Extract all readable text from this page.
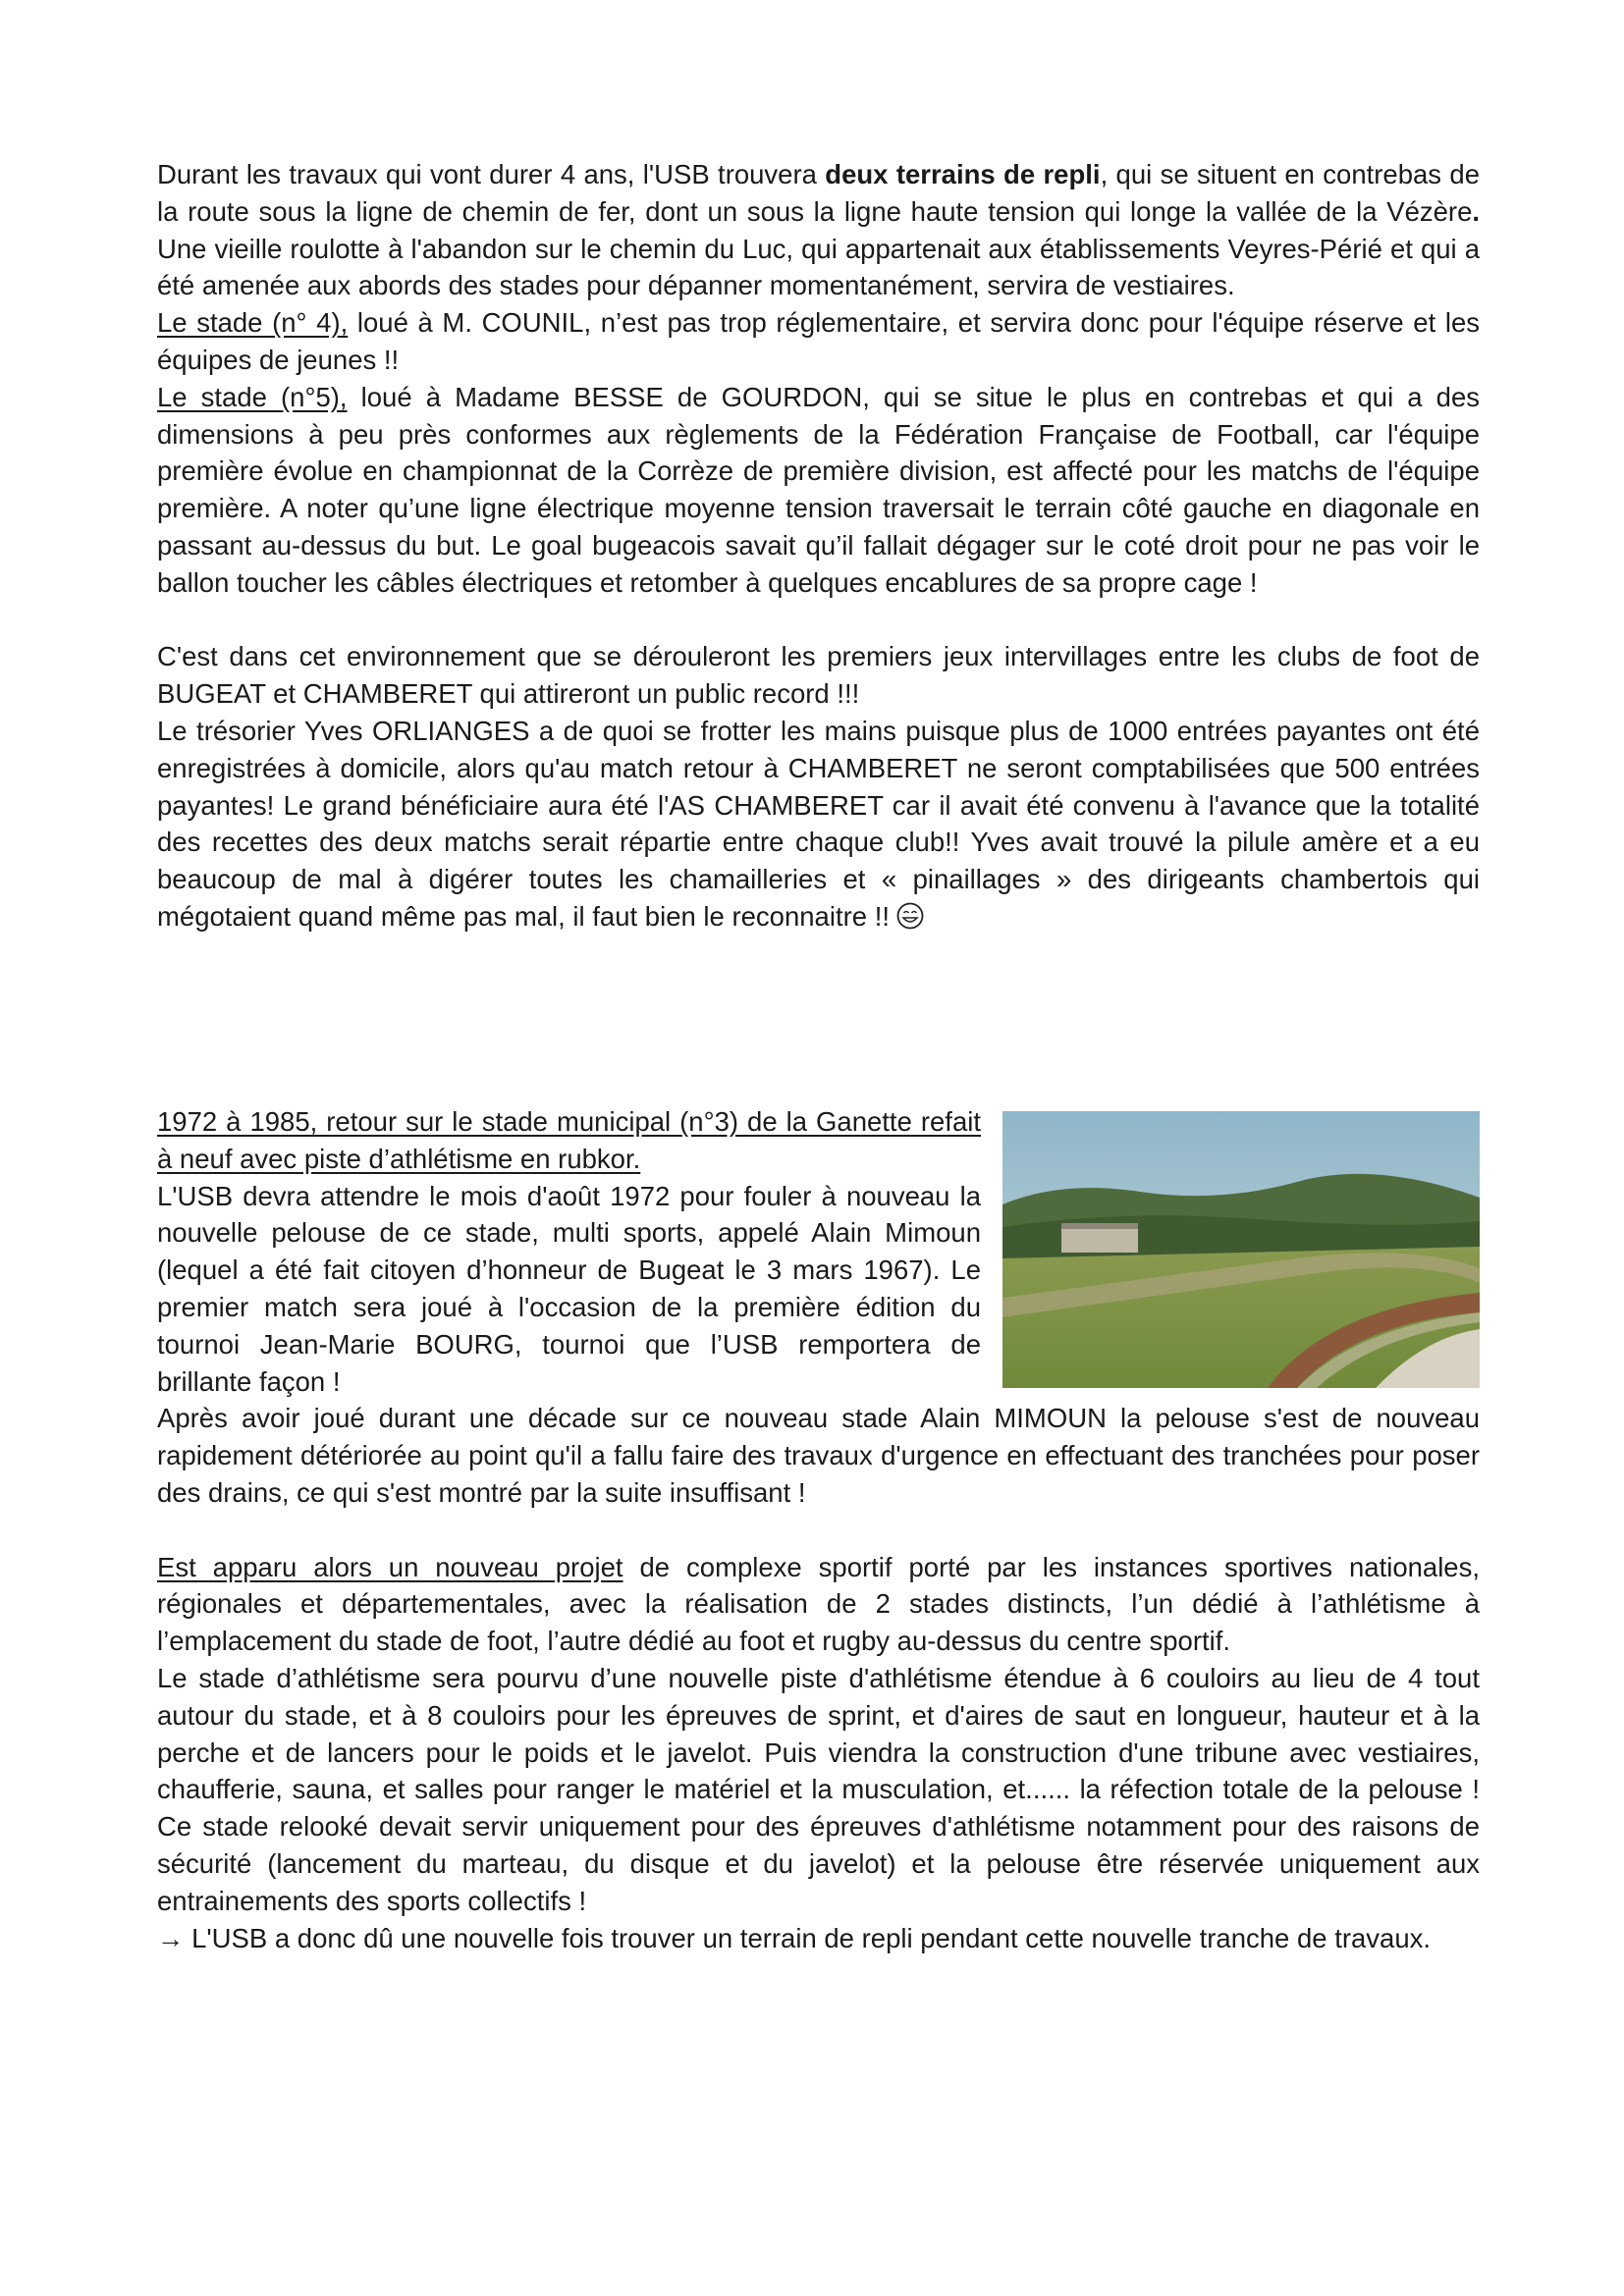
Durant les travaux qui vont durer 4 ans, l'USB trouvera deux terrains de repli, qui se situent en contrebas de la route sous la ligne de chemin de fer, dont un sous la ligne haute tension qui longe la vallée de la Vézère. Une vieille roulotte à l'abandon sur le chemin du Luc, qui appartenait aux établissements Veyres-Périé et qui a été amenée aux abords des stades pour dépanner momentanément, servira de vestiaires.

Le stade (n° 4), loué à M. COUNIL, n’est pas trop réglementaire, et servira donc pour l'équipe réserve et les équipes de jeunes !!

Le stade (n°5), loué à Madame BESSE de GOURDON, qui se situe le plus en contrebas et qui a des dimensions à peu près conformes aux règlements de la Fédération Française de Football, car l'équipe première évolue en championnat de la Corrèze de première division, est affecté pour les matchs de l'équipe première. A noter qu’une ligne électrique moyenne tension traversait le terrain côté gauche en diagonale en passant au-dessus du but. Le goal bugeacois savait qu’il fallait dégager sur le coté droit pour ne pas voir le ballon toucher les câbles électriques et retomber à quelques encablures de sa propre cage !

C'est dans cet environnement que se dérouleront les premiers jeux intervillages entre les clubs de foot de BUGEAT et CHAMBERET qui attireront un public record !!!

Le trésorier Yves ORLIANGES a de quoi se frotter les mains puisque plus de 1000 entrées payantes ont été enregistrées à domicile, alors qu'au match retour à CHAMBERET ne seront comptabilisées que 500 entrées payantes! Le grand bénéficiaire aura été l'AS CHAMBERET car il avait été convenu à l'avance que la totalité des recettes des deux matchs serait répartie entre chaque club!! Yves avait trouvé la pilule amère et a eu beaucoup de mal à digérer toutes les chamailleries et « pinaillages » des dirigeants chambertois qui mégotaient quand même pas mal, il faut bien le reconnaitre !!

1972 à 1985, retour sur le stade municipal (n°3) de la Ganette refait à neuf avec piste d’athlétisme en rubkor.

L'USB devra attendre le mois d'août 1972 pour fouler à nouveau la nouvelle pelouse de ce stade, multi sports, appelé Alain Mimoun (lequel a été fait citoyen d’honneur de Bugeat le 3 mars 1967). Le premier match sera joué à l'occasion de la première édition du tournoi Jean-Marie BOURG, tournoi que l’USB remportera de brillante façon !

Après avoir joué durant une décade sur ce nouveau stade Alain MIMOUN la pelouse s'est de nouveau rapidement détériorée au point qu'il a fallu faire des travaux d'urgence en effectuant des tranchées pour poser des drains, ce qui s'est montré par la suite insuffisant !

Est apparu alors un nouveau projet de complexe sportif porté par les instances sportives nationales, régionales et départementales, avec la réalisation de 2 stades distincts, l’un dédié à l’athlétisme à l’emplacement du stade de foot, l’autre dédié au foot et rugby au-dessus du centre sportif.

Le stade d’athlétisme sera pourvu d’une nouvelle piste d'athlétisme étendue à 6 couloirs au lieu de 4 tout autour du stade, et à 8 couloirs pour les épreuves de sprint, et d'aires de saut en longueur, hauteur et à la perche et de lancers pour le poids et le javelot. Puis viendra la construction d'une tribune avec vestiaires, chaufferie, sauna, et salles pour ranger le matériel et la musculation, et...... la réfection totale de la pelouse ! Ce stade relooké devait servir uniquement pour des épreuves d'athlétisme notamment pour des raisons de sécurité (lancement du marteau, du disque et du javelot) et la pelouse être réservée uniquement aux entrainements des sports collectifs !

→ L'USB a donc dû une nouvelle fois trouver un terrain de repli pendant cette nouvelle tranche de travaux.
